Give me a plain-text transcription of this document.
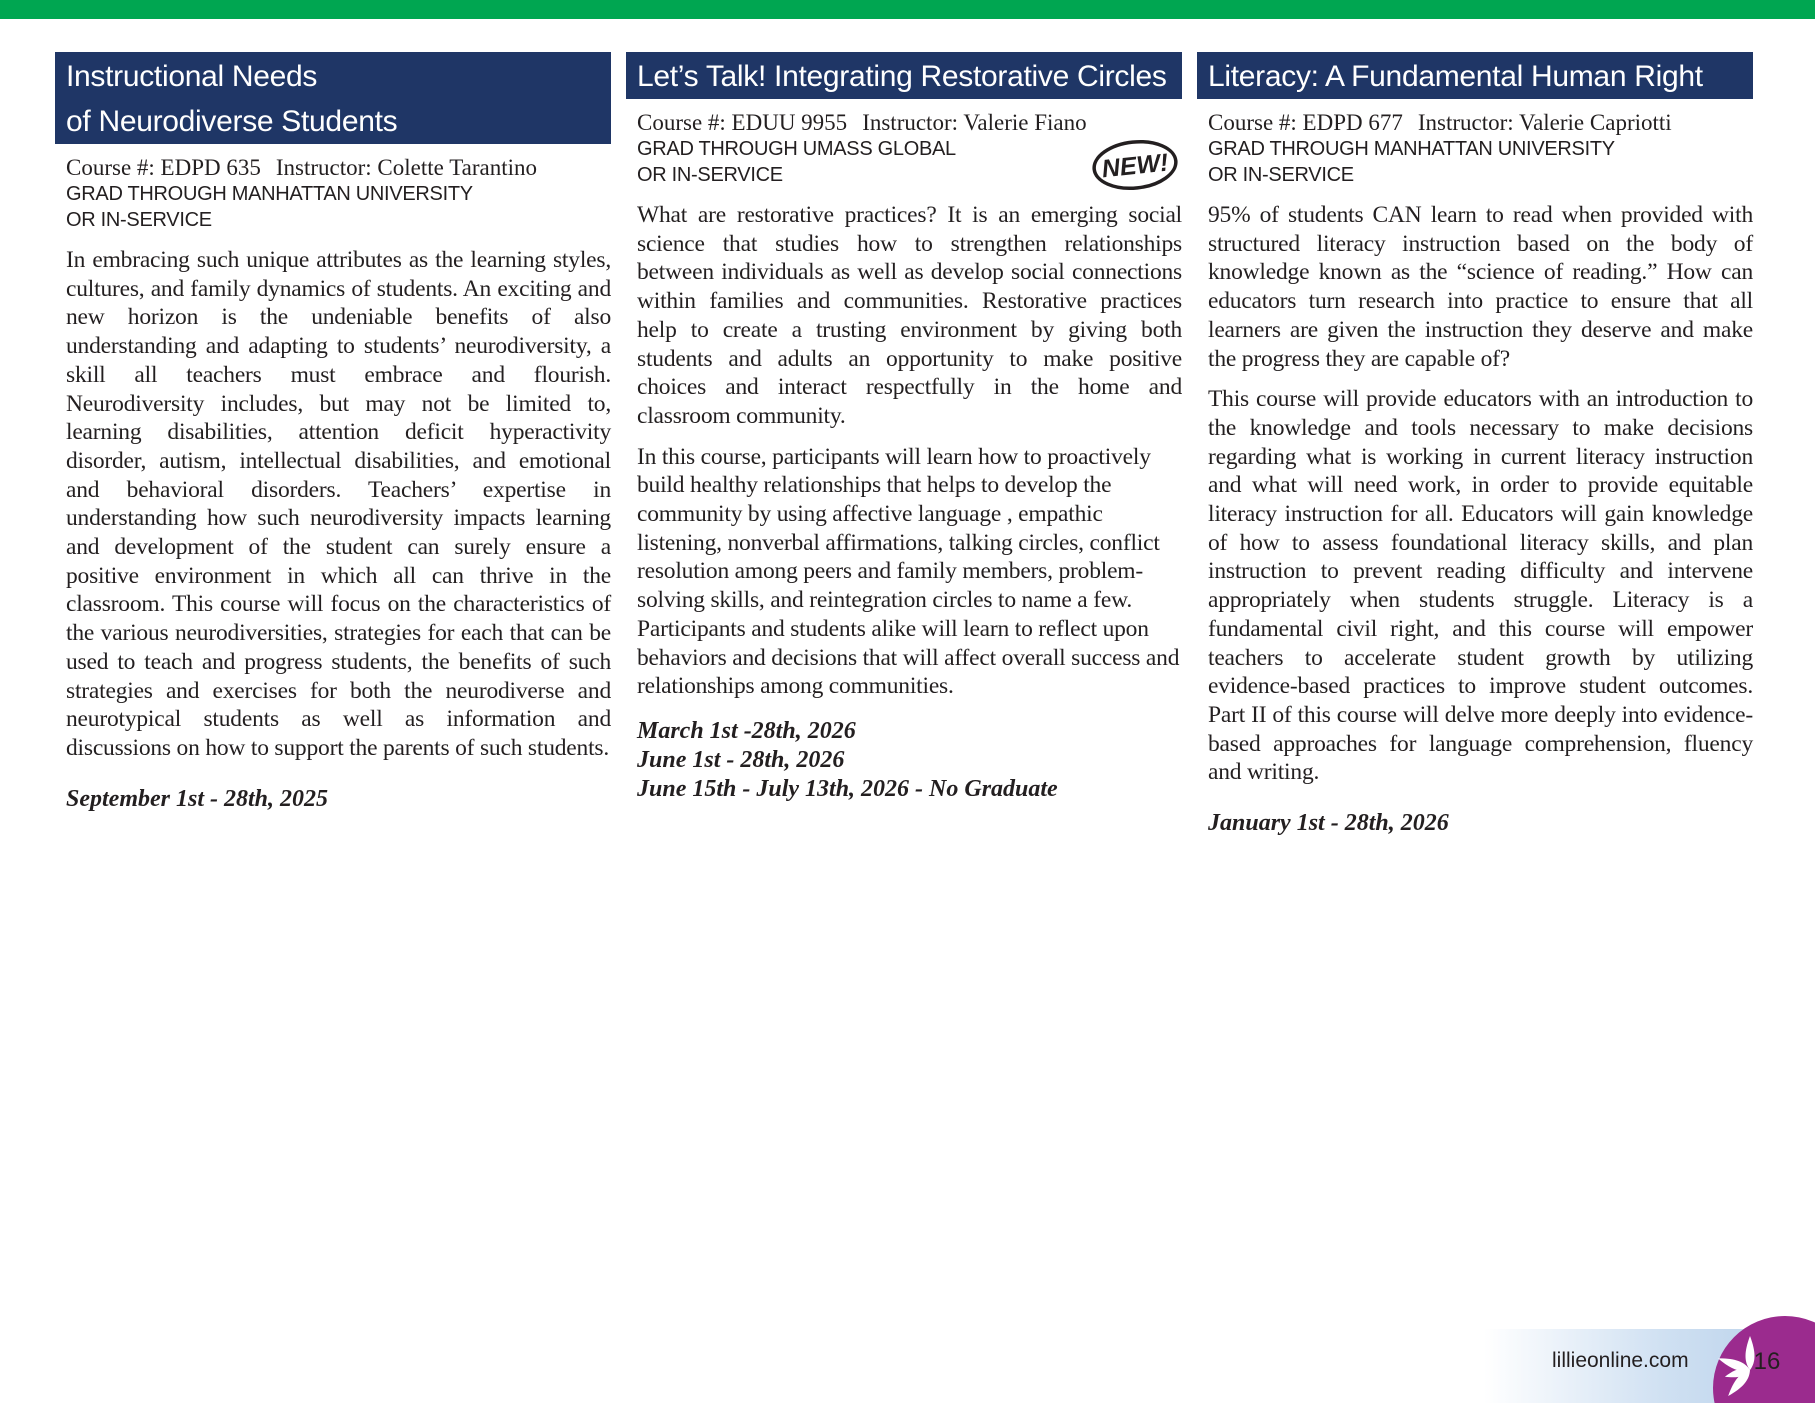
Instructional Needs
of Neurodiverse Students
Course #: EDPD 635 Instructor: Colette Tarantino
GRAD THROUGH MANHATTAN UNIVERSITY
OR IN-SERVICE

In embracing such unique attributes as the learning styles, cultures, and family dynamics of students. An exciting and new horizon is the undeniable benefits of also understanding and adapting to students’ neurodiversity, a skill all teachers must embrace and flourish. Neurodiversity includes, but may not be limited to, learning disabilities, attention deficit hyperactivity disorder, autism, intellectual disabilities, and emotional and behavioral disorders. Teachers’ expertise in understanding how such neurodiversity impacts learning and development of the student can surely ensure a positive environment in which all can thrive in the classroom. This course will focus on the characteristics of the various neurodiversities, strategies for each that can be used to teach and progress students, the benefits of such strategies and exercises for both the neurodiverse and neurotypical students as well as information and discussions on how to support the parents of such students.

September 1st - 28th, 2025
Let’s Talk! Integrating Restorative Circles
Course #: EDUU 9955 Instructor: Valerie Fiano
GRAD THROUGH UMASS GLOBAL
OR IN-SERVICE	NEW!

What are restorative practices? It is an emerging social science that studies how to strengthen relationships between individuals as well as develop social connections within families and communities. Restorative practices help to create a trusting environment by giving both students and adults an opportunity to make positive choices and interact respectfully in the home and classroom community.

In this course, participants will learn how to proactively build healthy relationships that helps to develop the community by using affective language , empathic listening, nonverbal affirmations, talking circles, conflict resolution among peers and family members, problem-solving skills, and reintegration circles to name a few. Participants and students alike will learn to reflect upon behaviors and decisions that will affect overall success and relationships among communities.

March 1st -28th, 2026
June 1st - 28th, 2026
June 15th - July 13th, 2026 - No Graduate
Literacy: A Fundamental Human Right
Course #: EDPD 677 Instructor: Valerie Capriotti
GRAD THROUGH MANHATTAN UNIVERSITY
OR IN-SERVICE

95% of students CAN learn to read when provided with structured literacy instruction based on the body of knowledge known as the “science of reading.” How can educators turn research into practice to ensure that all learners are given the instruction they deserve and make the progress they are capable of?

This course will provide educators with an introduction to the knowledge and tools necessary to make decisions regarding what is working in current literacy instruction and what will need work, in order to provide equitable literacy instruction for all. Educators will gain knowledge of how to assess foundational literacy skills, and plan instruction to prevent reading difficulty and intervene appropriately when students struggle. Literacy is a fundamental civil right, and this course will empower teachers to accelerate student growth by utilizing evidence-based practices to improve student outcomes. Part II of this course will delve more deeply into evidence-based approaches for language comprehension, fluency and writing.

January 1st - 28th, 2026
lillieonline.com	16
